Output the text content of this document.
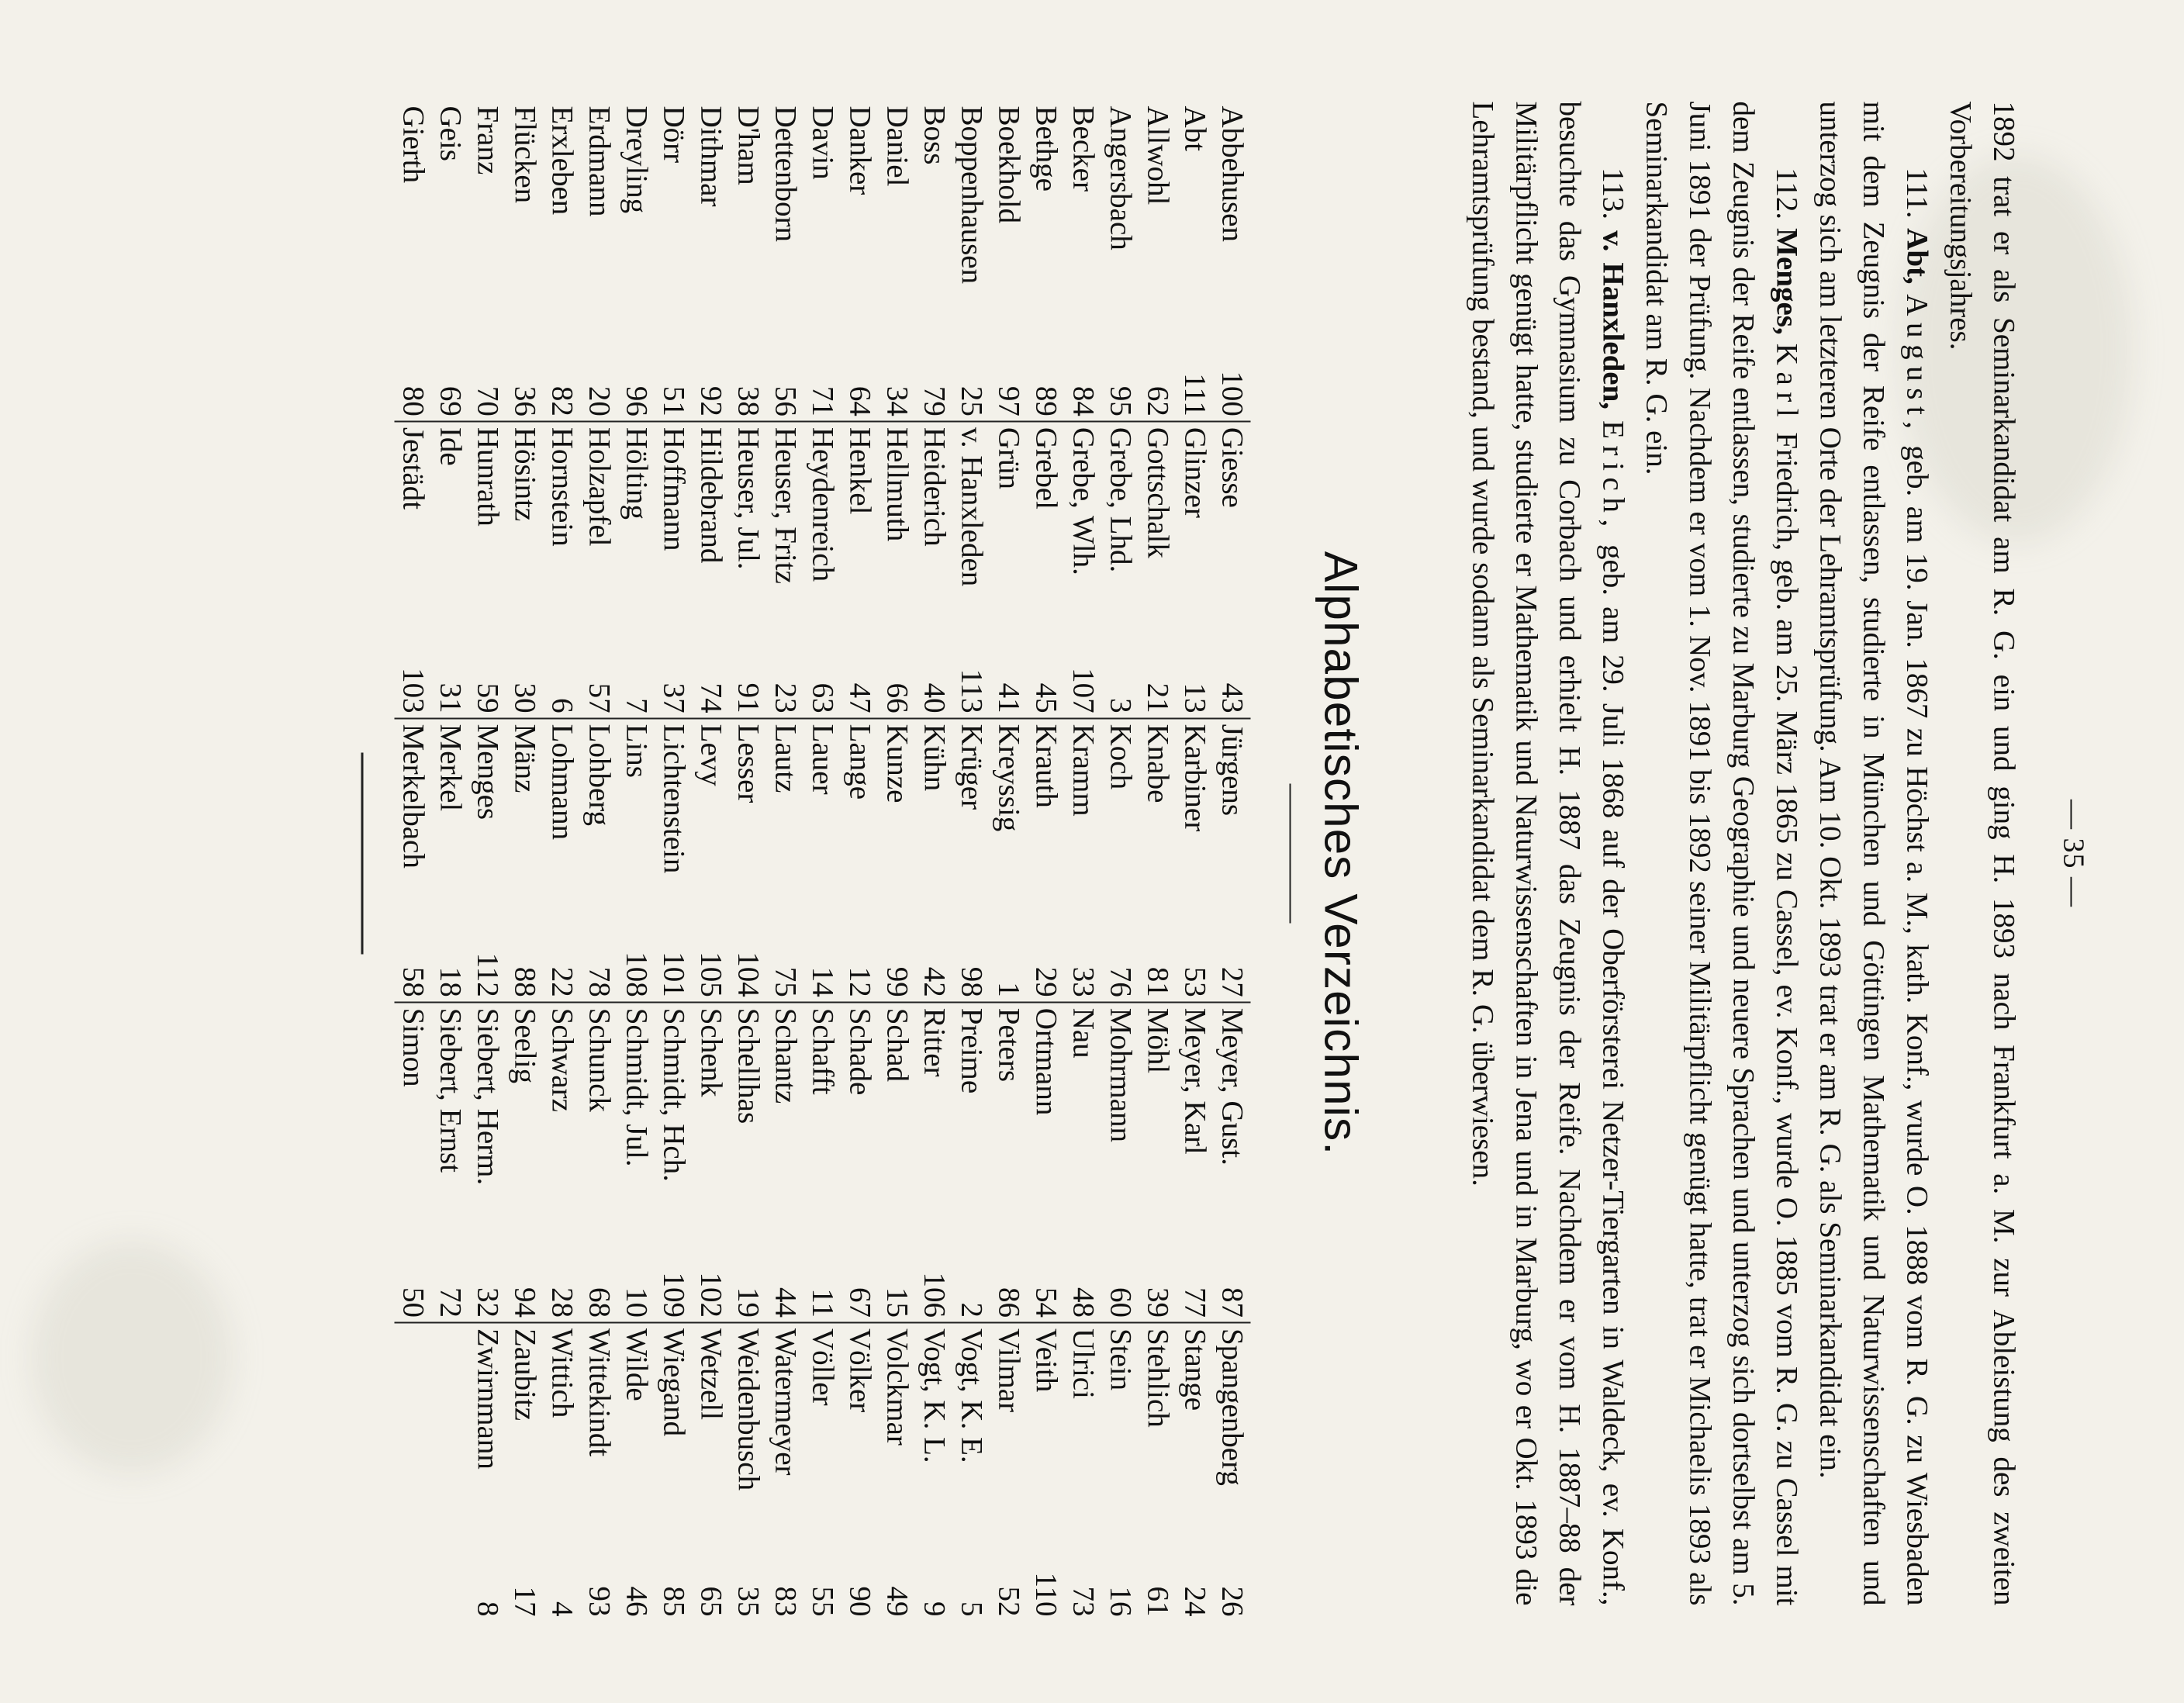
— 35 —

1892 trat er als Seminarkandidat am R. G. ein und ging H. 1893 nach Frankfurt a. M. zur Ableistung des zweiten Vorbereitungsjahres.

111. Abt, August, geb. am 19. Jan. 1867 zu Höchst a. M., kath. Konf., wurde O. 1888 vom R. G. zu Wiesbaden mit dem Zeugnis der Reife entlassen, studierte in München und Göttingen Mathematik und Naturwissenschaften und unterzog sich am letzteren Orte der Lehramtsprüfung. Am 10. Okt. 1893 trat er am R. G. als Seminarkandidat ein.

112. Menges, Karl Friedrich, geb. am 25. März 1865 zu Cassel, ev. Konf., wurde O. 1885 vom R. G. zu Cassel mit dem Zeugnis der Reife entlassen, studierte zu Marburg Geographie und neuere Sprachen und unterzog sich dortselbst am 5. Juni 1891 der Prüfung. Nachdem er vom 1. Nov. 1891 bis 1892 seiner Militärpflicht genügt hatte, trat er Michaelis 1893 als Seminarkandidat am R. G. ein.

113. v. Hanxleden, Erich, geb. am 29. Juli 1868 auf der Oberförsterei Netzer-Tiergarten in Waldeck, ev. Konf., besuchte das Gymnasium zu Corbach und erhielt H. 1887 das Zeugnis der Reife. Nachdem er vom H. 1887–88 der Militärpflicht genügt hatte, studierte er Mathematik und Naturwissenschaften in Jena und in Marburg, wo er Okt. 1893 die Lehramtsprüfung bestand, und wurde sodann als Seminarkandidat dem R. G. überwiesen.

Alphabetisches Verzeichnis.
Abbehusen	100	Giesse	43	Jürgens	27	Meyer, Gust.	87	Spangenberg	26
Abt	111	Glinzer	13	Karbiner	53	Meyer, Karl	77	Stange	24
Allwohl	62	Gottschalk	21	Knabe	81	Möhl	39	Stehlich	61
Angersbach	95	Grebe, Lhd.	3	Koch	76	Mohrmann	60	Stein	16
Becker	84	Grebe, Wlh.	107	Kramm	33	Nau	48	Ulrici	73
Bethge	89	Grebel	45	Krauth	29	Ortmann	54	Veith	110
Boekhold	97	Grün	41	Kreyssig	1	Peters	86	Vilmar	52
Boppenhausen	25	v. Hanxleden	113	Krüger	98	Preime	2	Vogt, K. E.	5
Boss	79	Heiderich	40	Kühn	42	Ritter	106	Vogt, K. L.	9
Daniel	34	Hellmuth	66	Kunze	99	Schad	15	Volckmar	49
Danker	64	Henkel	47	Lange	12	Schade	67	Völker	90
Davin	71	Heydenreich	63	Lauer	14	Schafft	11	Völler	55
Dettenborn	56	Heuser, Fritz	23	Lautz	75	Schantz	44	Watermeyer	83
D'ham	38	Heuser, Jul.	91	Lesser	104	Schellhas	19	Weidenbusch	35
Dithmar	92	Hildebrand	74	Levy	105	Schenk	102	Wetzell	65
Dörr	51	Hoffmann	37	Lichtenstein	101	Schmidt, Hch.	109	Wiegand	85
Dreyling	96	Hölting	7	Lins	108	Schmidt, Jul.	10	Wilde	46
Erdmann	20	Holzapfel	57	Lohberg	78	Schunck	68	Wittekindt	93
Erxleben	82	Hornstein	6	Lohmann	22	Schwarz	28	Wittich	4
Flücken	36	Hösintz	30	Mänz	88	Seelig	94	Zaubitz	17
Franz	70	Hunrath	59	Menges	112	Siebert, Herm.	32	Zwirnmann	8
Geis	69	Ide	31	Merkel	18	Siebert, Ernst	72		
Gierth	80	Jestädt	103	Merkelbach	58	Simon	50		
